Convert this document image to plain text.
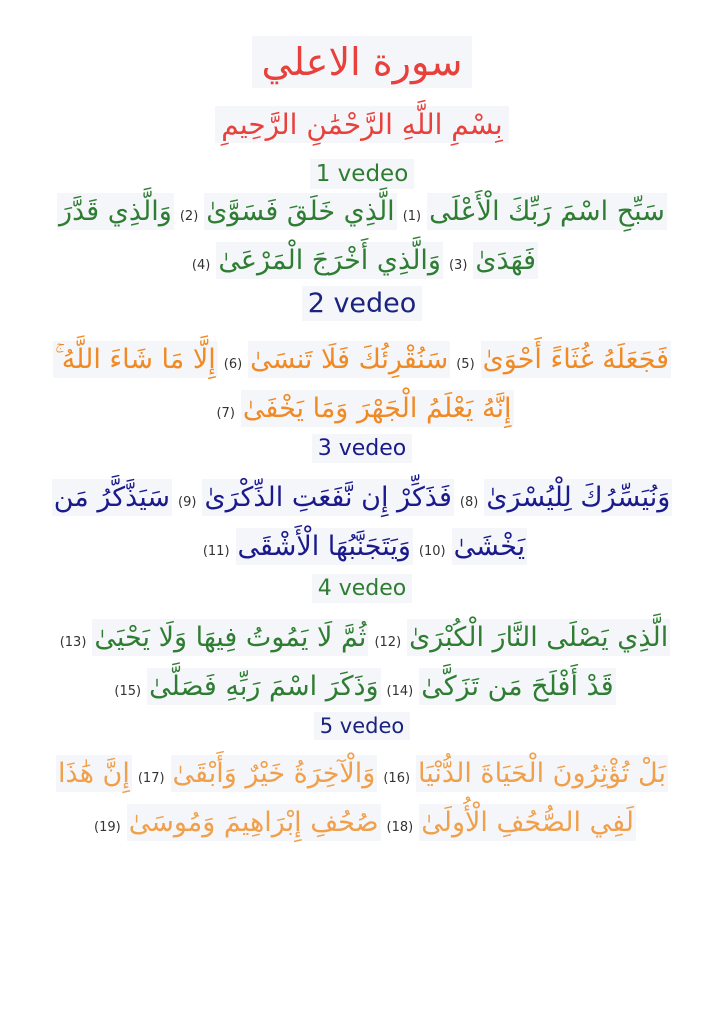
سورة الاعلي
بِسْمِ اللَّهِ الرَّحْمَٰنِ الرَّحِيمِ
1 vedeo
سَبِّحِ اسْمَ رَبِّكَ الْأَعْلَى(1)الَّذِي خَلَقَ فَسَوَّىٰ(2)وَالَّذِي قَدَّرَ
فَهَدَىٰ(3)وَالَّذِي أَخْرَجَ الْمَرْعَىٰ(4)
2 vedeo
فَجَعَلَهُ غُثَاءً أَحْوَىٰ(5)سَنُقْرِئُكَ فَلَا تَنسَىٰ(6)إِلَّا مَا شَاءَ اللَّهُ ۚ
إِنَّهُ يَعْلَمُ الْجَهْرَ وَمَا يَخْفَىٰ(7)
3 vedeo
وَنُيَسِّرُكَ لِلْيُسْرَىٰ(8)فَذَكِّرْ إِن نَّفَعَتِ الذِّكْرَىٰ(9)سَيَذَّكَّرُ مَن
يَخْشَىٰ(10)وَيَتَجَنَّبُهَا الْأَشْقَى(11)
4 vedeo
الَّذِي يَصْلَى النَّارَ الْكُبْرَىٰ(12)ثُمَّ لَا يَمُوتُ فِيهَا وَلَا يَحْيَىٰ(13)
قَدْ أَفْلَحَ مَن تَزَكَّىٰ(14)وَذَكَرَ اسْمَ رَبِّهِ فَصَلَّىٰ(15)
5 vedeo
بَلْ تُؤْثِرُونَ الْحَيَاةَ الدُّنْيَا(16)وَالْآخِرَةُ خَيْرٌ وَأَبْقَىٰ(17)إِنَّ هَٰذَا
لَفِي الصُّحُفِ الْأُولَىٰ(18)صُحُفِ إِبْرَاهِيمَ وَمُوسَىٰ(19)
